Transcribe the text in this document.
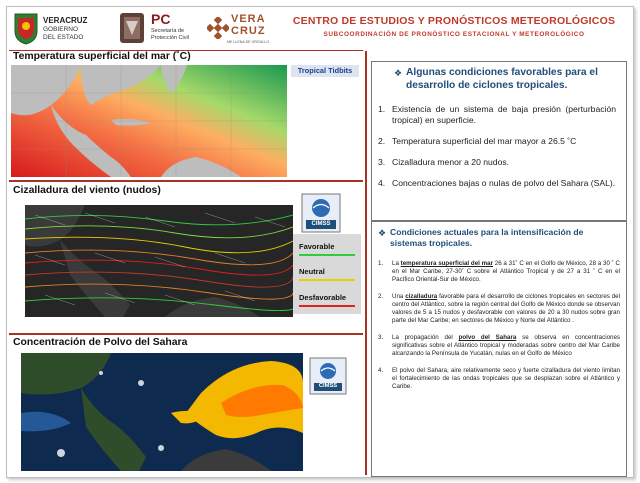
VERACRUZ
GOBIERNO
DEL ESTADO
PC
Secretaría de
Protección Civil
VERA
CRUZ
ME LLENA DE ORGULLO
CENTRO DE ESTUDIOS Y PRONÓSTICOS METEOROLÓGICOS
SUBCOORDINACIÓN DE PRONÓSTICO ESTACIONAL Y METEOROLÓGICO
Temperatura superficial del mar (˚C)
Tropical Tidbits
Cizalladura del viento (nudos)
CIMSS
Favorable
Neutral
Desfavorable
Concentración de Polvo del Sahara
CIMSS
❖ Algunas condiciones favorables para el
desarrollo de ciclones tropicales.
1. Existencia de un sistema de baja presión (perturbación tropical) en superficie.
2. Temperatura superficial del mar mayor a 26.5 ˚C
3. Cizalladura menor a 20 nudos.
4. Concentraciones bajas o nulas de polvo del Sahara (SAL).
❖ Condiciones actuales para la intensificación de
sistemas tropicales.
1. La temperatura superficial del mar 26 a 31˚ C en el Golfo de México, 28 a 30 ˚ C en el Mar Caribe, 27-30˚ C sobre el Atlántico Tropical y de 27 a 31 ˚ C en el Pacífico Oriental-Sur de México.
2. Una cizalladura favorable para el desarrollo de ciclones tropicales en sectores del centro del Atlántico, sobre la región central del Golfo de México donde se observan valores de 5 a 15 nudos y desfavorable con valores de 20 a 30 nudos sobre gran parte del Mar Caribe; en sectores de México y Norte del Atlántico .
3. La propagación del polvo del Sahara se observa en concentraciones significativas sobre el Atlántico tropical y moderadas sobre centro del Mar Caribe alcanzando la Península de Yucatán, nulas en el Golfo de México
4. El polvo del Sahara, aire relativamente seco y fuerte cizalladura del viento limitan el fortalecimiento de las ondas tropicales que se desplazan sobre el Atlántico y Caribe.
